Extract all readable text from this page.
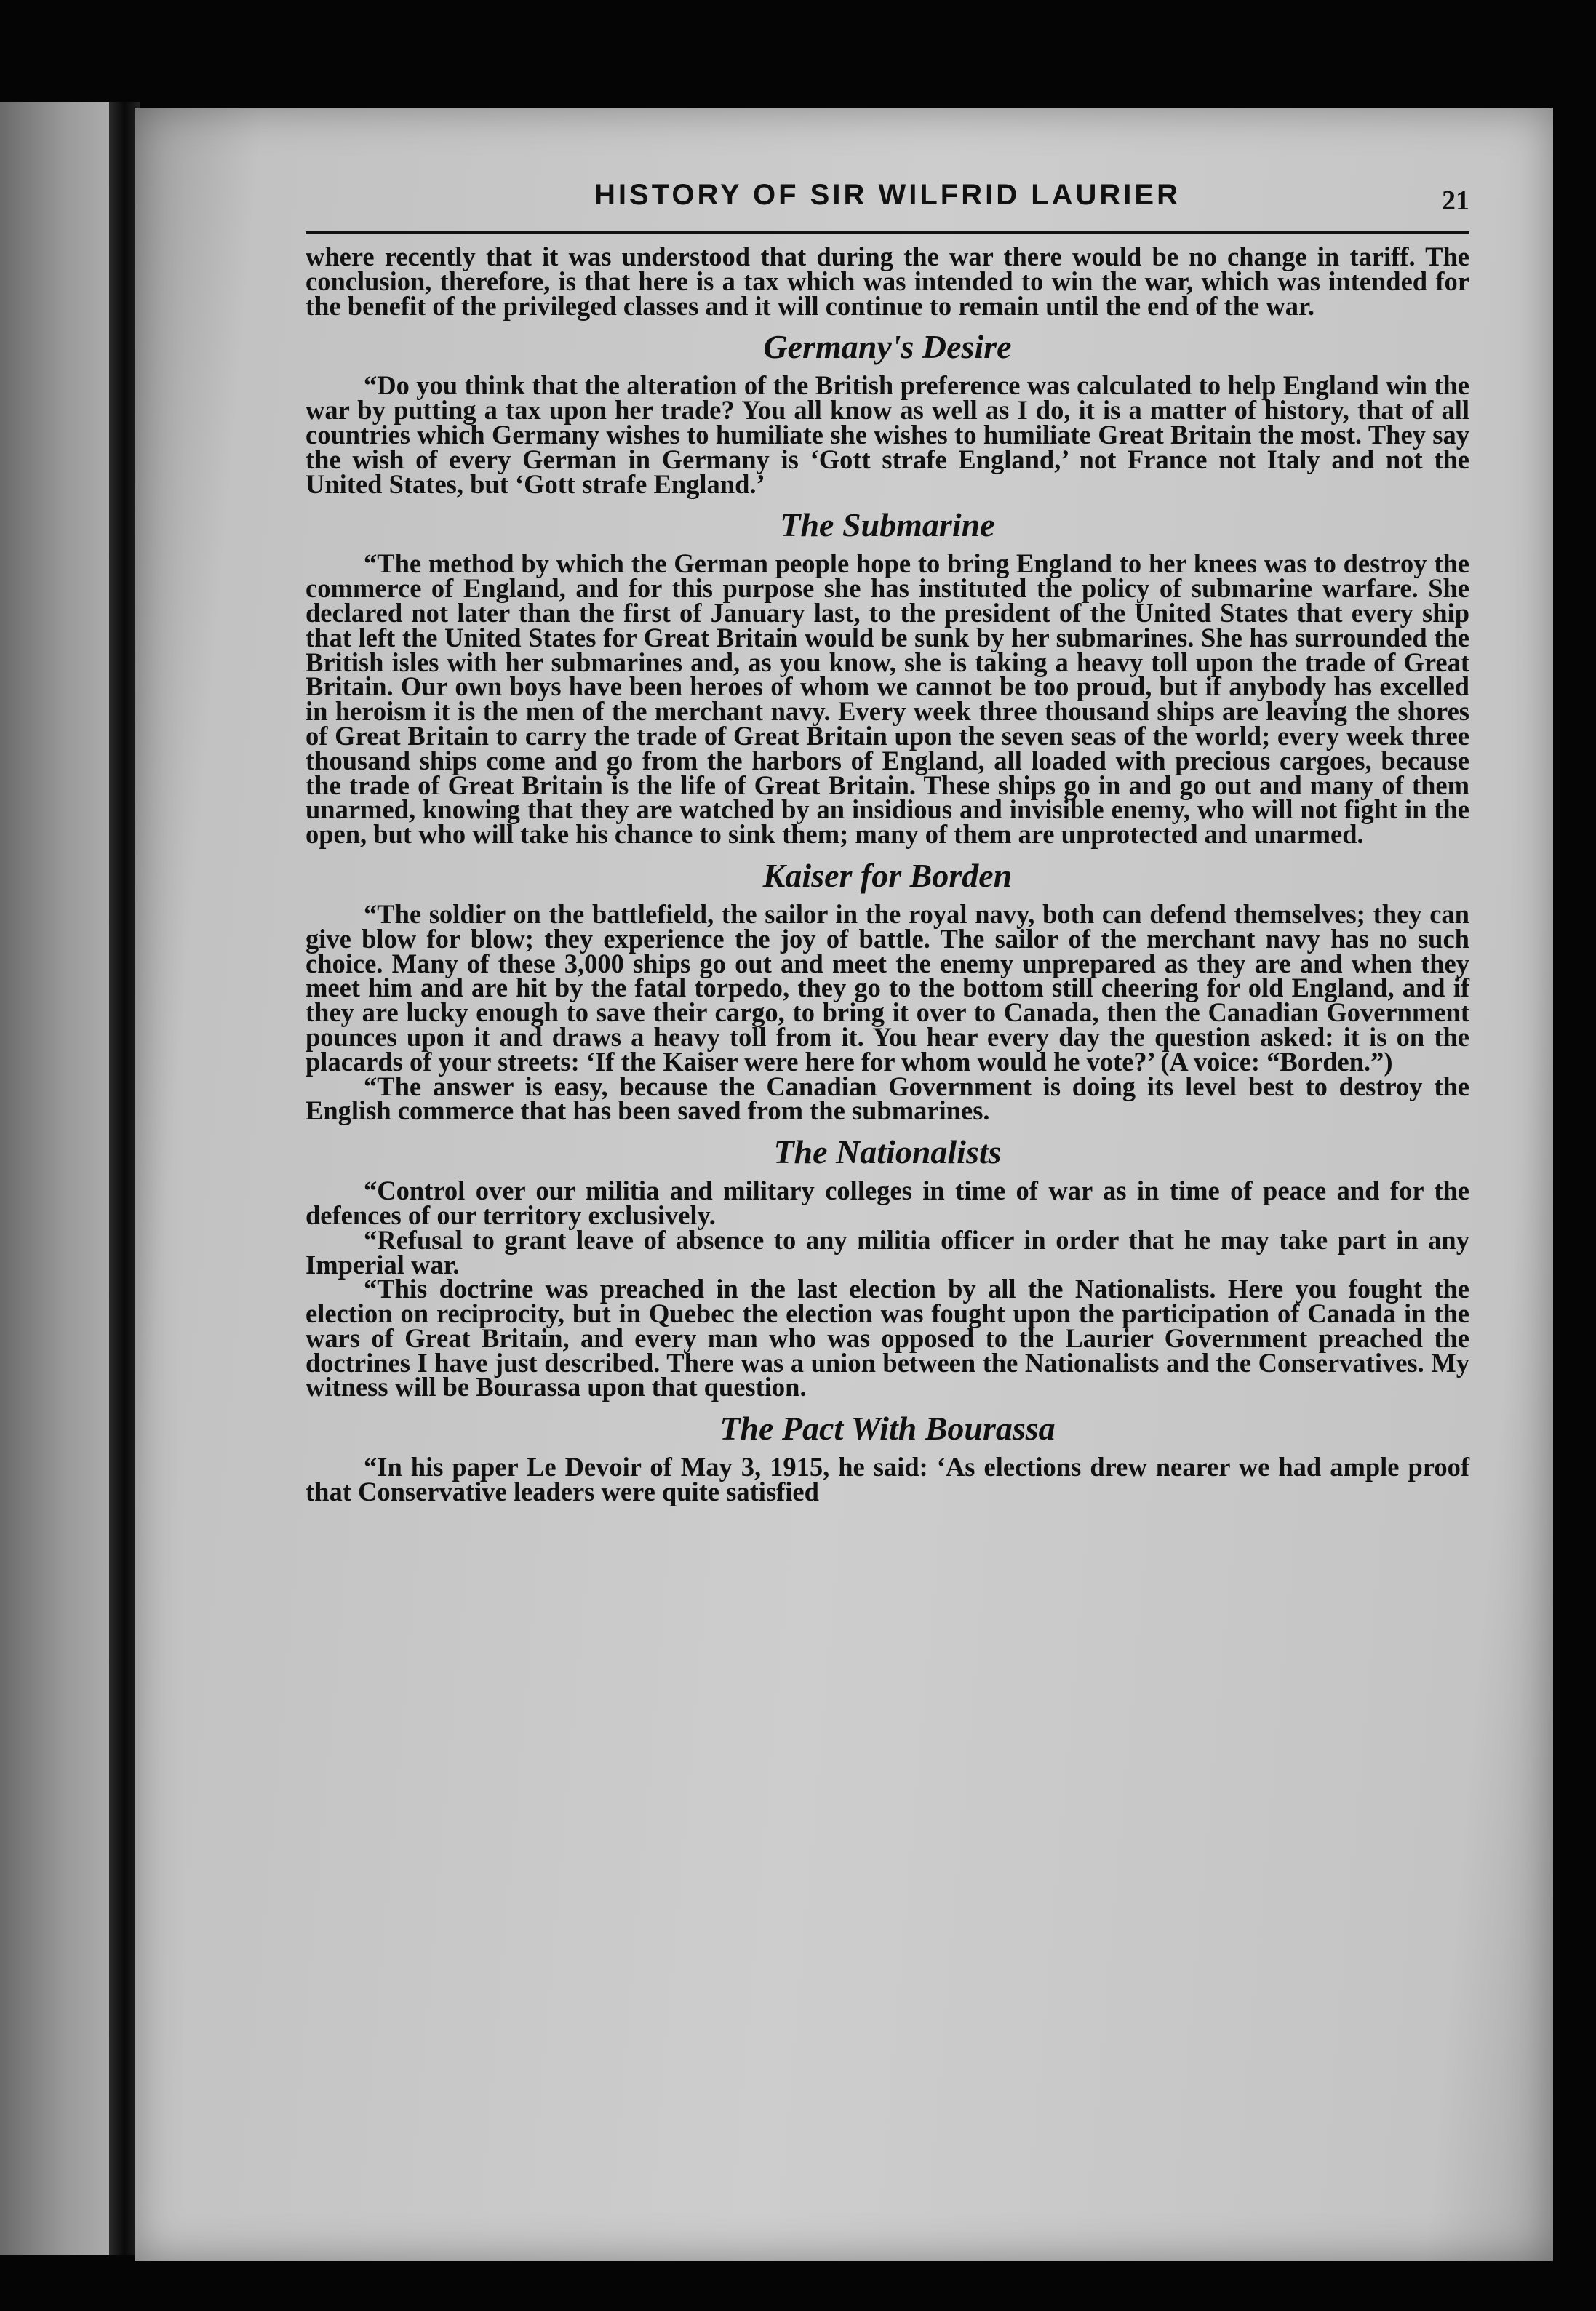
HISTORY OF SIR WILFRID LAURIER	21

where recently that it was understood that during the war there would be no change in tariff. The conclusion, therefore, is that here is a tax which was intended to win the war, which was intended for the benefit of the privileged classes and it will continue to remain until the end of the war.

Germany's Desire

“Do you think that the alteration of the British preference was calculated to help England win the war by putting a tax upon her trade? You all know as well as I do, it is a matter of history, that of all countries which Germany wishes to humiliate she wishes to humiliate Great Britain the most. They say the wish of every German in Germany is ‘Gott strafe England,’ not France not Italy and not the United States, but ‘Gott strafe England.’

The Submarine

“The method by which the German people hope to bring England to her knees was to destroy the commerce of England, and for this purpose she has instituted the policy of submarine warfare. She declared not later than the first of January last, to the president of the United States that every ship that left the United States for Great Britain would be sunk by her submarines. She has surrounded the British isles with her submarines and, as you know, she is taking a heavy toll upon the trade of Great Britain. Our own boys have been heroes of whom we cannot be too proud, but if anybody has excelled in heroism it is the men of the merchant navy. Every week three thousand ships are leaving the shores of Great Britain to carry the trade of Great Britain upon the seven seas of the world; every week three thousand ships come and go from the harbors of England, all loaded with precious cargoes, because the trade of Great Britain is the life of Great Britain. These ships go in and go out and many of them unarmed, knowing that they are watched by an insidious and invisible enemy, who will not fight in the open, but who will take his chance to sink them; many of them are unprotected and unarmed.

Kaiser for Borden

“The soldier on the battlefield, the sailor in the royal navy, both can defend themselves; they can give blow for blow; they experience the joy of battle. The sailor of the merchant navy has no such choice. Many of these 3,000 ships go out and meet the enemy unprepared as they are and when they meet him and are hit by the fatal torpedo, they go to the bottom still cheering for old England, and if they are lucky enough to save their cargo, to bring it over to Canada, then the Canadian Government pounces upon it and draws a heavy toll from it. You hear every day the question asked: it is on the placards of your streets: ‘If the Kaiser were here for whom would he vote?’ (A voice: “Borden.”)

“The answer is easy, because the Canadian Government is doing its level best to destroy the English commerce that has been saved from the submarines.

The Nationalists

“Control over our militia and military colleges in time of war as in time of peace and for the defences of our territory exclusively.

“Refusal to grant leave of absence to any militia officer in order that he may take part in any Imperial war.

“This doctrine was preached in the last election by all the Nationalists. Here you fought the election on reciprocity, but in Quebec the election was fought upon the participation of Canada in the wars of Great Britain, and every man who was opposed to the Laurier Government preached the doctrines I have just described. There was a union between the Nationalists and the Conservatives. My witness will be Bourassa upon that question.

The Pact With Bourassa

“In his paper Le Devoir of May 3, 1915, he said: ‘As elections drew nearer we had ample proof that Conservative leaders were quite satisfied
